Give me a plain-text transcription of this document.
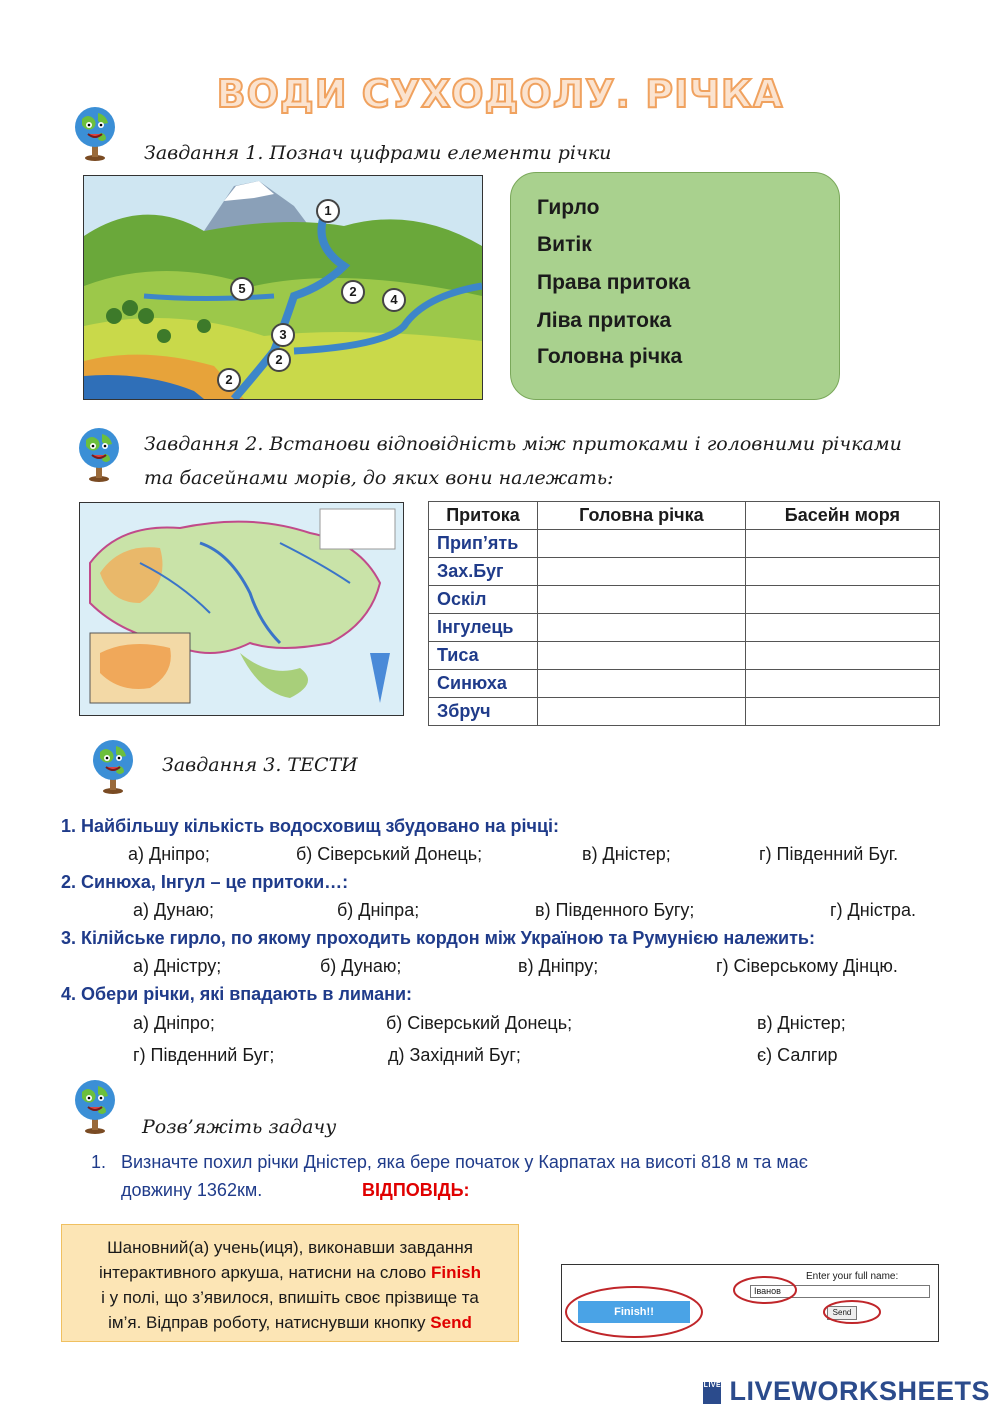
ВОДИ СУХОДОЛУ. РІЧКА
Завдання 1. Познач цифрами елементи річки
1
2
2
2
3
4
5
Гирло
Витік
Права притока
Ліва притока
Головна річка
Завдання 2. Встанови відповідність між притоками і головними річками
та басейнами морів, до яких вони належать:
Притока	Головна річка	Басейн моря
Прип’ять		
Зах.Буг		
Оскіл		
Інгулець		
Тиса		
Синюха		
Збруч		
Завдання 3. ТЕСТИ
1. Найбільшу кількість водосховищ збудовано на річці:
а) Дніпро;	б) Сіверський Донець;	в) Дністер;	г) Південний Буг.
2. Синюха, Інгул – це притоки…:
а) Дунаю;	б) Дніпра;	в) Південного Бугу;	г) Дністра.
3. Кілійське гирло, по якому проходить кордон між Україною та Румунією належить:
а) Дністру;	б) Дунаю;	в) Дніпру;	г) Сіверському Дінцю.
4. Обери річки, які впадають в лимани:
а) Дніпро;	б) Сіверський Донець;	в) Дністер;
г) Південний Буг;	д) Західний Буг;	є) Салгир
Розв’яжіть задачу
1. Визначте похил річки Дністер, яка бере початок у Карпатах на висоті 818 м та має
довжину 1362км.	ВІДПОВІДЬ:

Шановний(а) учень(иця), виконавши завдання
інтерактивного аркуша, натисни на слово Finish
і у полі, що з’явилося, впишіть своє прізвище та
ім’я. Відправ роботу, натиснувши кнопку Send

Enter your full name:
Іванов
Finish!!	Send
LIVE LIVEWORKSHEETS
